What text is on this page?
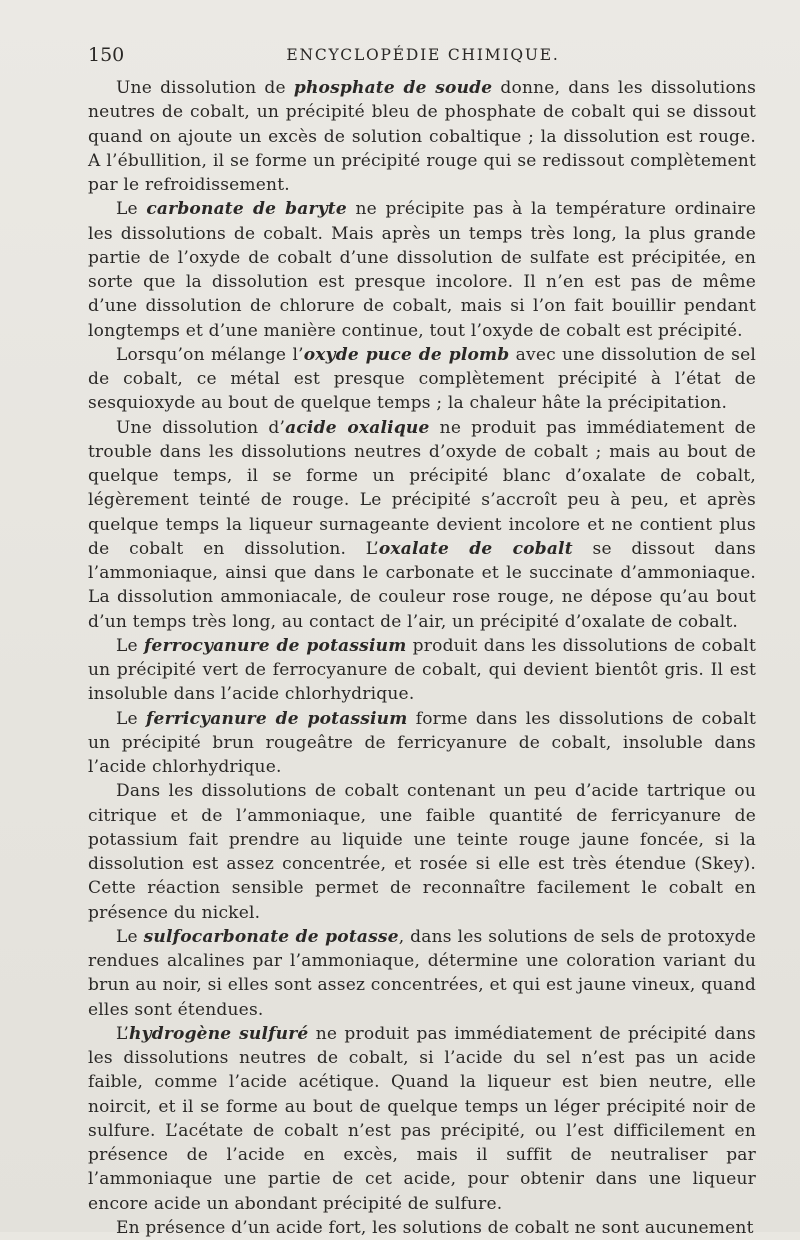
150	ENCYCLOPÉDIE CHIMIQUE.

Une dissolution de phosphate de soude donne, dans les dissolutions neutres de cobalt, un précipité bleu de phosphate de cobalt qui se dissout quand on ajoute un excès de solution cobaltique ; la dissolution est rouge. A l’ébullition, il se forme un précipité rouge qui se redissout complètement par le refroidissement.

Le carbonate de baryte ne précipite pas à la température ordinaire les dissolutions de cobalt. Mais après un temps très long, la plus grande partie de l’oxyde de cobalt d’une dissolution de sulfate est précipitée, en sorte que la dissolution est presque incolore. Il n’en est pas de même d’une dissolution de chlorure de cobalt, mais si l’on fait bouillir pendant longtemps et d’une manière continue, tout l’oxyde de cobalt est précipité.

Lorsqu’on mélange l’oxyde puce de plomb avec une dissolution de sel de cobalt, ce métal est presque complètement précipité à l’état de sesquioxyde au bout de quelque temps ; la chaleur hâte la précipitation.

Une dissolution d’acide oxalique ne produit pas immédiatement de trouble dans les dissolutions neutres d’oxyde de cobalt ; mais au bout de quelque temps, il se forme un précipité blanc d’oxalate de cobalt, légèrement teinté de rouge. Le précipité s’accroît peu à peu, et après quelque temps la liqueur surnageante devient incolore et ne contient plus de cobalt en dissolution. L’oxalate de cobalt se dissout dans l’ammoniaque, ainsi que dans le carbonate et le succinate d’ammoniaque. La dissolution ammoniacale, de couleur rose rouge, ne dépose qu’au bout d’un temps très long, au contact de l’air, un précipité d’oxalate de cobalt.

Le ferrocyanure de potassium produit dans les dissolutions de cobalt un précipité vert de ferrocyanure de cobalt, qui devient bientôt gris. Il est insoluble dans l’acide chlorhydrique.

Le ferricyanure de potassium forme dans les dissolutions de cobalt un précipité brun rougeâtre de ferricyanure de cobalt, insoluble dans l’acide chlorhydrique.

Dans les dissolutions de cobalt contenant un peu d’acide tartrique ou citrique et de l’ammoniaque, une faible quantité de ferricyanure de potassium fait prendre au liquide une teinte rouge jaune foncée, si la dissolution est assez concentrée, et rosée si elle est très étendue (Skey). Cette réaction sensible permet de reconnaître facilement le cobalt en présence du nickel.

Le sulfocarbonate de potasse, dans les solutions de sels de protoxyde rendues alcalines par l’ammoniaque, détermine une coloration variant du brun au noir, si elles sont assez concentrées, et qui est jaune vineux, quand elles sont étendues.

L’hydrogène sulfuré ne produit pas immédiatement de précipité dans les dissolutions neutres de cobalt, si l’acide du sel n’est pas un acide faible, comme l’acide acétique. Quand la liqueur est bien neutre, elle noircit, et il se forme au bout de quelque temps un léger précipité noir de sulfure. L’acétate de cobalt n’est pas précipité, ou l’est difficilement en présence de l’acide en excès, mais il suffit de neutraliser par l’ammoniaque une partie de cet acide, pour obtenir dans une liqueur encore acide un abondant précipité de sulfure.

En présence d’un acide fort, les solutions de cobalt ne sont aucunement
